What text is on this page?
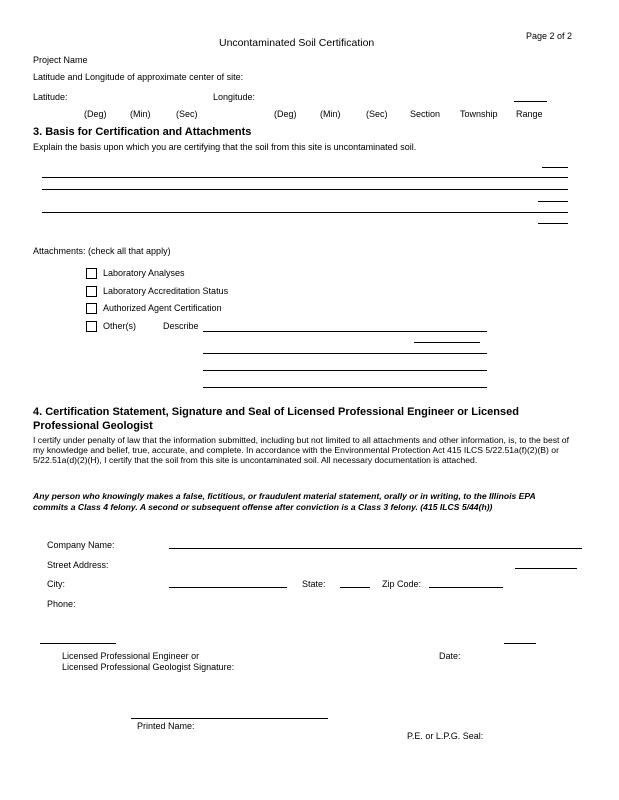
Page 2 of 2
Uncontaminated Soil Certification
Project Name
Latitude and Longitude of approximate center of site:
Latitude:	Longitude:
(Deg)	(Min)	(Sec)	(Deg)	(Min)	(Sec) Section Township Range
3. Basis for Certification and Attachments
Explain the basis upon which you are certifying that the soil from this site is uncontaminated soil.
Attachments: (check all that apply)
Laboratory Analyses
Laboratory Accreditation Status
Authorized Agent Certification
Other(s)	Describe
4. Certification Statement, Signature and Seal of Licensed Professional Engineer or Licensed
Professional Geologist
I certify under penalty of law that the information submitted, including but not limited to all attachments and other information, is, to the best of my knowledge and belief, true, accurate, and complete. In accordance with the Environmental Protection Act 415 ILCS 5/22.51a(f)(2)(B) or 5/22.51a(d)(2)(H), I certify that the soil from this site is uncontaminated soil. All necessary documentation is attached.
Any person who knowingly makes a false, fictitious, or fraudulent material statement, orally or in writing, to the Illinois EPA commits a Class 4 felony. A second or subsequent offense after conviction is a Class 3 felony. (415 ILCS 5/44(h))
Company Name:
Street Address:
City:	State:	Zip Code:
Phone:
Licensed Professional Engineer or
Licensed Professional Geologist Signature:
Date:
Printed Name:
P.E. or L.P.G. Seal:
